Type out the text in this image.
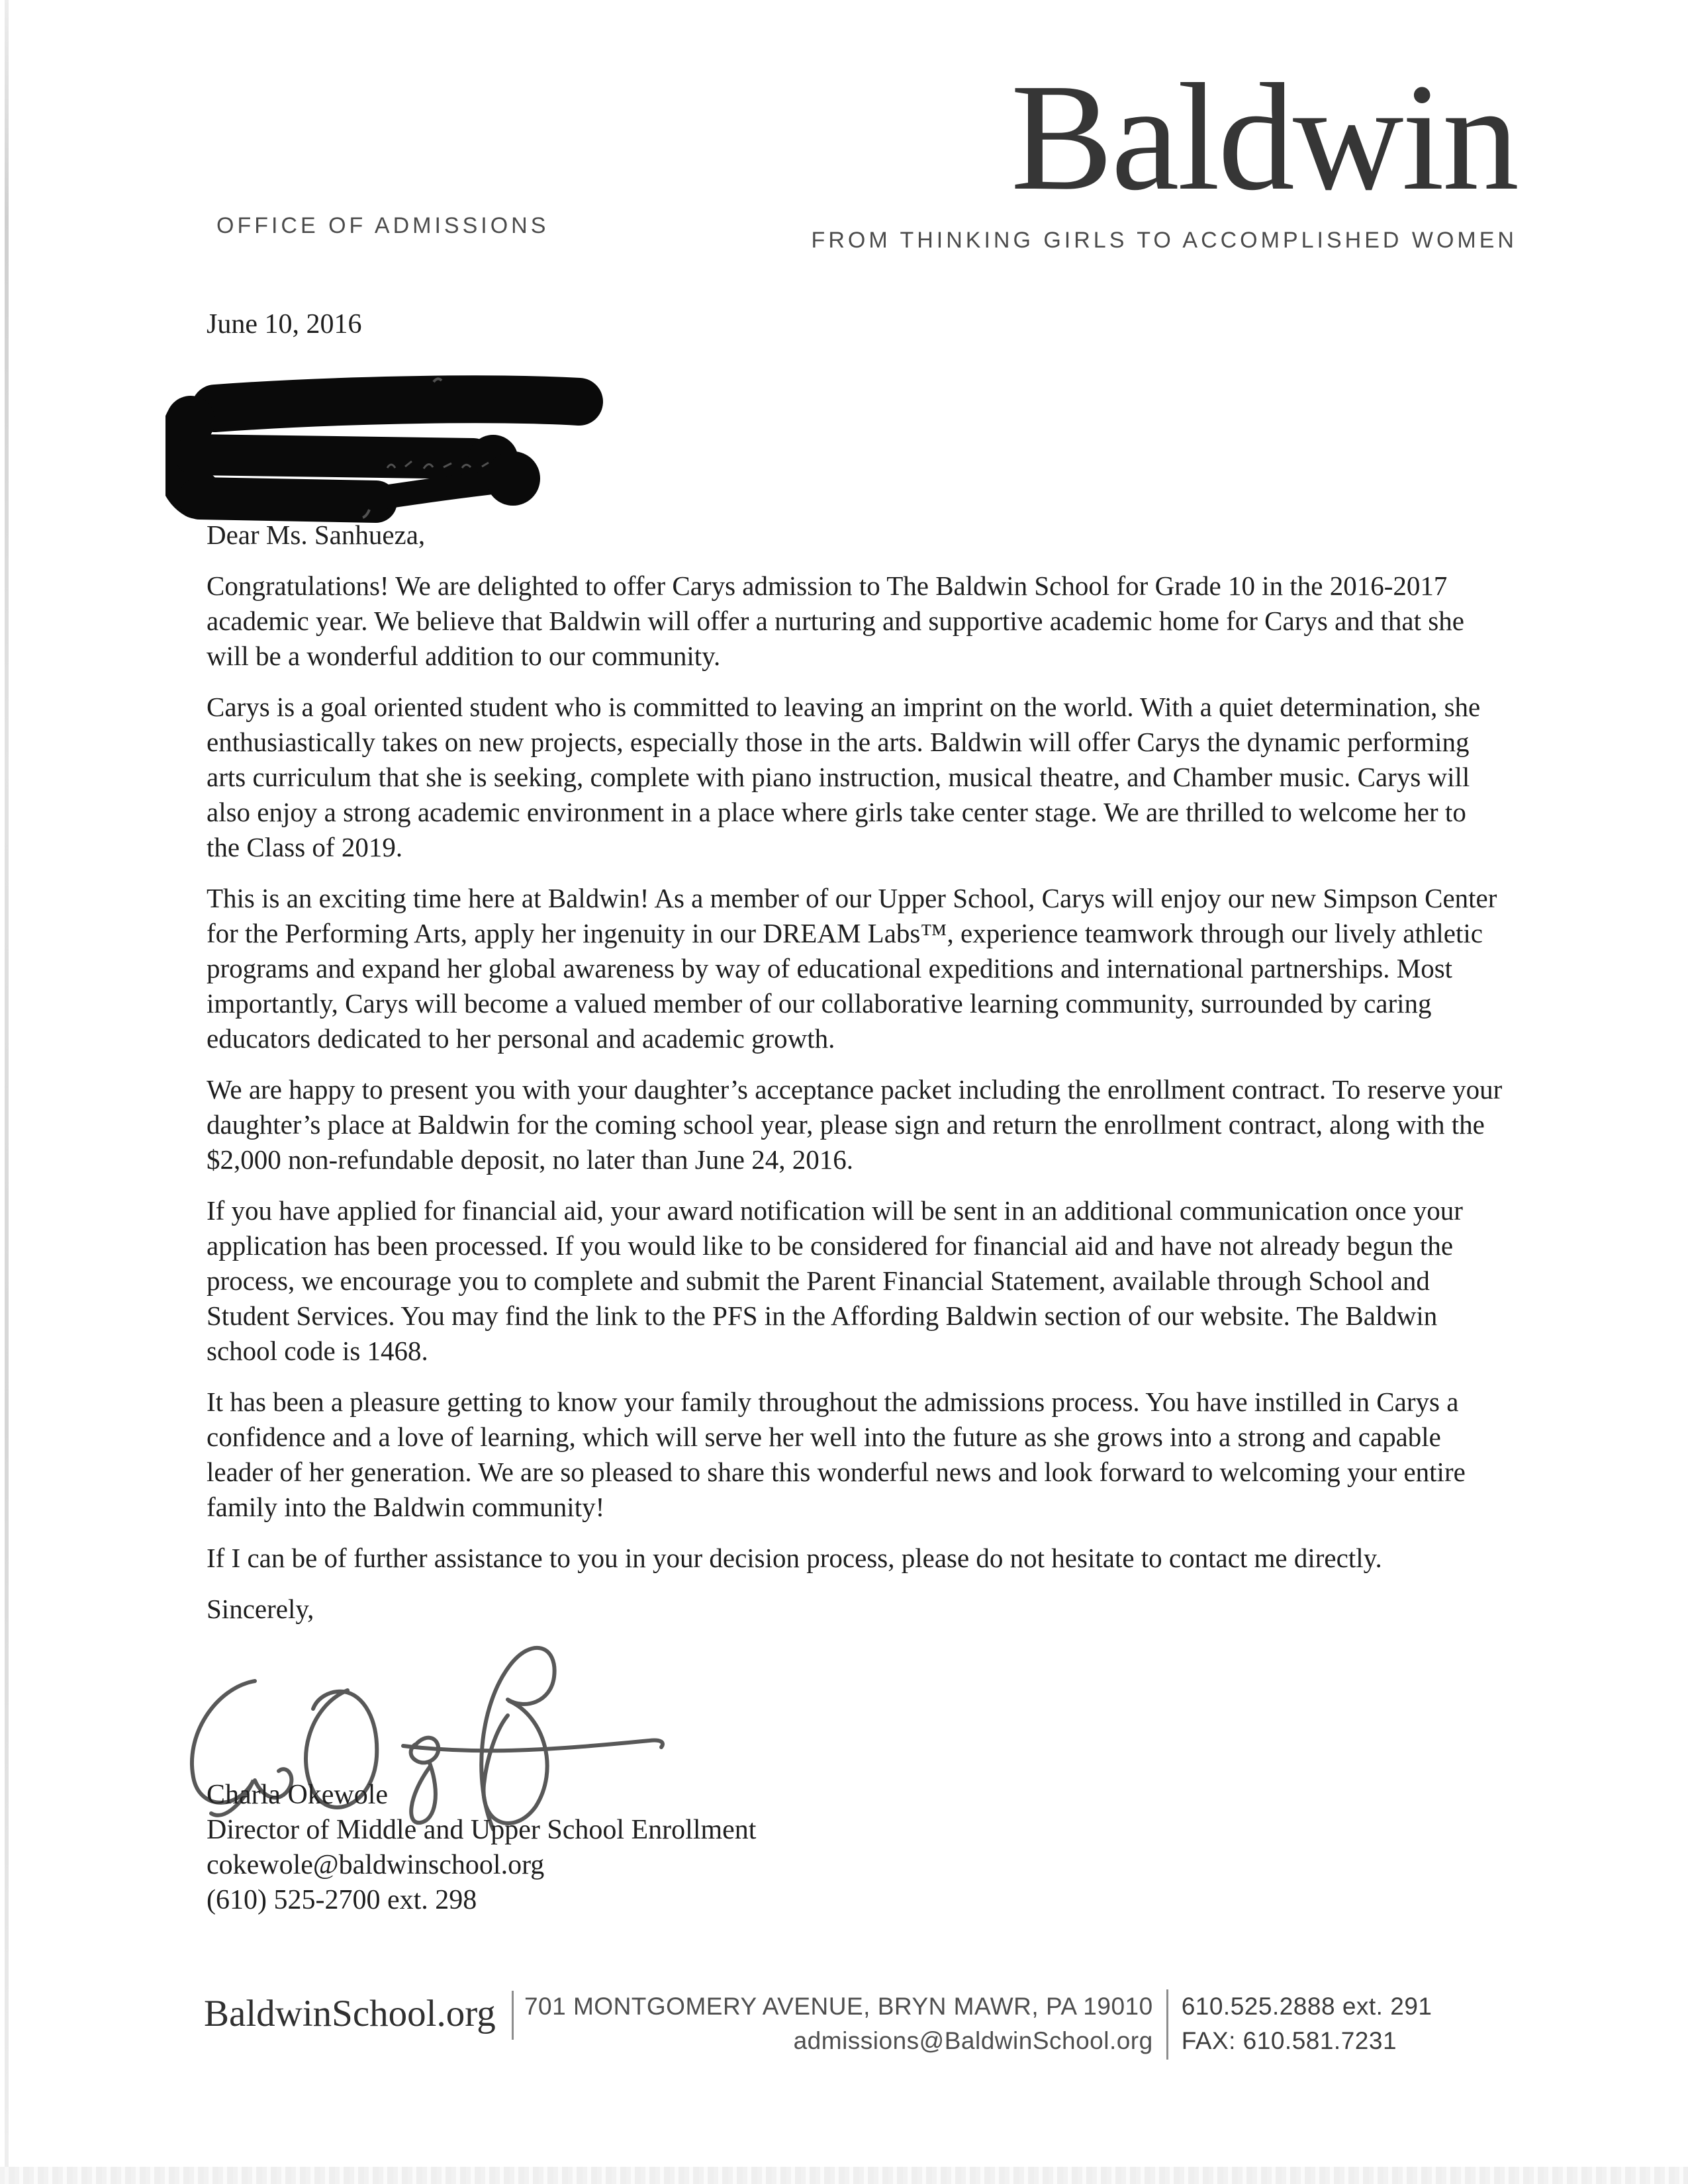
OFFICE OF ADMISSIONS
Baldwin
FROM THINKING GIRLS TO ACCOMPLISHED WOMEN
June 10, 2016

Dear Ms. Sanhueza,

Congratulations! We are delighted to offer Carys admission to The Baldwin School for Grade 10 in the 2016-2017 academic year. We believe that Baldwin will offer a nurturing and supportive academic home for Carys and that she will be a wonderful addition to our community.

Carys is a goal oriented student who is committed to leaving an imprint on the world. With a quiet determination, she enthusiastically takes on new projects, especially those in the arts. Baldwin will offer Carys the dynamic performing arts curriculum that she is seeking, complete with piano instruction, musical theatre, and Chamber music. Carys will also enjoy a strong academic environment in a place where girls take center stage. We are thrilled to welcome her to the Class of 2019.

This is an exciting time here at Baldwin! As a member of our Upper School, Carys will enjoy our new Simpson Center for the Performing Arts, apply her ingenuity in our DREAM Labs™, experience teamwork through our lively athletic programs and expand her global awareness by way of educational expeditions and international partnerships. Most importantly, Carys will become a valued member of our collaborative learning community, surrounded by caring educators dedicated to her personal and academic growth.

We are happy to present you with your daughter’s acceptance packet including the enrollment contract. To reserve your daughter’s place at Baldwin for the coming school year, please sign and return the enrollment contract, along with the $2,000 non-refundable deposit, no later than June 24, 2016.

If you have applied for financial aid, your award notification will be sent in an additional communication once your application has been processed. If you would like to be considered for financial aid and have not already begun the process, we encourage you to complete and submit the Parent Financial Statement, available through School and Student Services. You may find the link to the PFS in the Affording Baldwin section of our website. The Baldwin school code is 1468.

It has been a pleasure getting to know your family throughout the admissions process. You have instilled in Carys a confidence and a love of learning, which will serve her well into the future as she grows into a strong and capable leader of her generation. We are so pleased to share this wonderful news and look forward to welcoming your entire family into the Baldwin community!

If I can be of further assistance to you in your decision process, please do not hesitate to contact me directly.

Sincerely,

Charla Okewole
Director of Middle and Upper School Enrollment
cokewole@baldwinschool.org
(610) 525-2700 ext. 298
BaldwinSchool.org 701 MONTGOMERY AVENUE, BRYN MAWR, PA 19010
admissions@BaldwinSchool.org
610.525.2888 ext. 291
FAX: 610.581.7231
